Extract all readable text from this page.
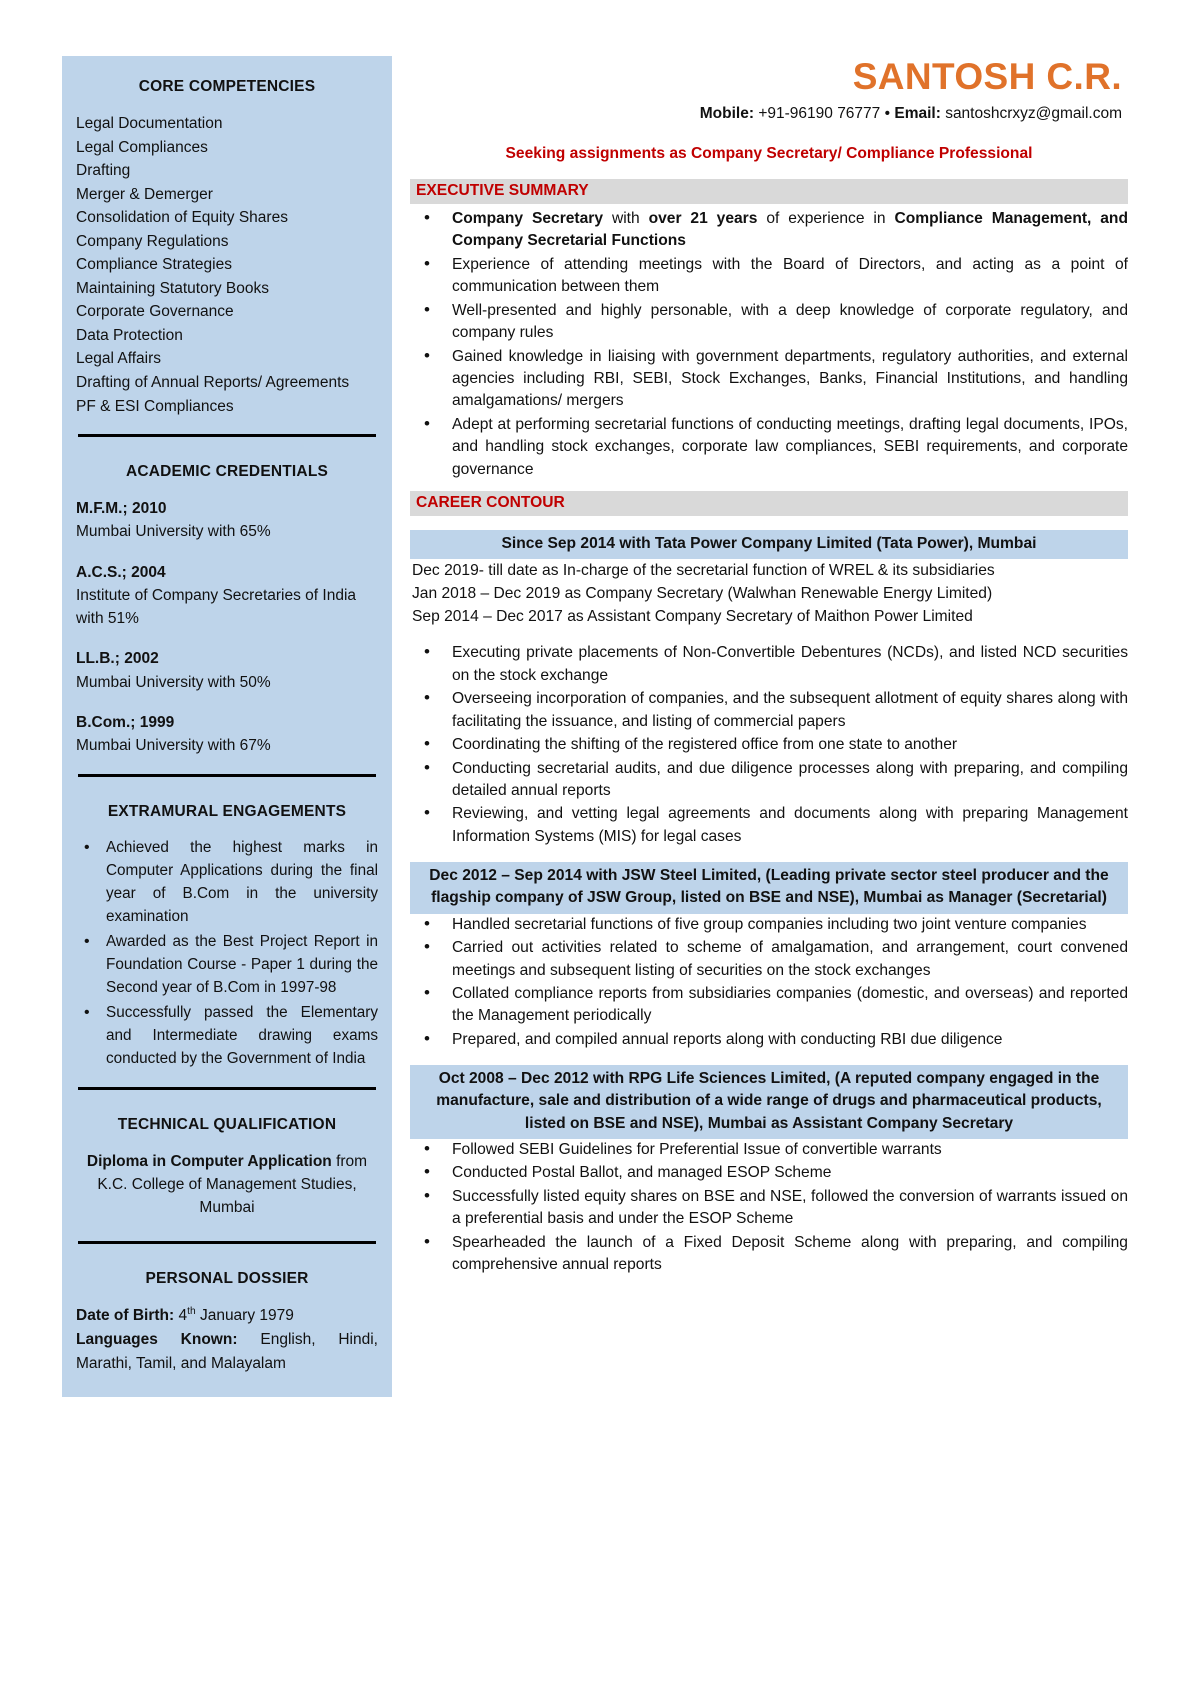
CORE COMPETENCIES
Legal Documentation
Legal Compliances
Drafting
Merger & Demerger
Consolidation of Equity Shares
Company Regulations
Compliance Strategies
Maintaining Statutory Books
Corporate Governance
Data Protection
Legal Affairs
Drafting of Annual Reports/ Agreements
PF & ESI Compliances
ACADEMIC CREDENTIALS
M.F.M.; 2010
Mumbai University with 65%
A.C.S.; 2004
Institute of Company Secretaries of India with 51%
LL.B.; 2002
Mumbai University with 50%
B.Com.; 1999
Mumbai University with 67%
EXTRAMURAL ENGAGEMENTS
• Achieved the highest marks in Computer Applications during the final year of B.Com in the university examination
• Awarded as the Best Project Report in Foundation Course - Paper 1 during the Second year of B.Com in 1997-98
• Successfully passed the Elementary and Intermediate drawing exams conducted by the Government of India
TECHNICAL QUALIFICATION
Diploma in Computer Application from K.C. College of Management Studies, Mumbai
PERSONAL DOSSIER
Date of Birth: 4th January 1979
Languages Known: English, Hindi, Marathi, Tamil, and Malayalam
SANTOSH C.R.
Mobile: +91-96190 76777 • Email: santoshcrxyz@gmail.com
Seeking assignments as Company Secretary/ Compliance Professional
EXECUTIVE SUMMARY
• Company Secretary with over 21 years of experience in Compliance Management, and Company Secretarial Functions
• Experience of attending meetings with the Board of Directors, and acting as a point of communication between them
• Well-presented and highly personable, with a deep knowledge of corporate regulatory, and company rules
• Gained knowledge in liaising with government departments, regulatory authorities, and external agencies including RBI, SEBI, Stock Exchanges, Banks, Financial Institutions, and handling amalgamations/ mergers
• Adept at performing secretarial functions of conducting meetings, drafting legal documents, IPOs, and handling stock exchanges, corporate law compliances, SEBI requirements, and corporate governance
CAREER CONTOUR
Since Sep 2014 with Tata Power Company Limited (Tata Power), Mumbai
Dec 2019- till date as In-charge of the secretarial function of WREL & its subsidiaries
Jan 2018 – Dec 2019 as Company Secretary (Walwhan Renewable Energy Limited)
Sep 2014 – Dec 2017 as Assistant Company Secretary of Maithon Power Limited
• Executing private placements of Non-Convertible Debentures (NCDs), and listed NCD securities on the stock exchange
• Overseeing incorporation of companies, and the subsequent allotment of equity shares along with facilitating the issuance, and listing of commercial papers
• Coordinating the shifting of the registered office from one state to another
• Conducting secretarial audits, and due diligence processes along with preparing, and compiling detailed annual reports
• Reviewing, and vetting legal agreements and documents along with preparing Management Information Systems (MIS) for legal cases
Dec 2012 – Sep 2014 with JSW Steel Limited, (Leading private sector steel producer and the flagship company of JSW Group, listed on BSE and NSE), Mumbai as Manager (Secretarial)
• Handled secretarial functions of five group companies including two joint venture companies
• Carried out activities related to scheme of amalgamation, and arrangement, court convened meetings and subsequent listing of securities on the stock exchanges
• Collated compliance reports from subsidiaries companies (domestic, and overseas) and reported the Management periodically
• Prepared, and compiled annual reports along with conducting RBI due diligence
Oct 2008 – Dec 2012 with RPG Life Sciences Limited, (A reputed company engaged in the manufacture, sale and distribution of a wide range of drugs and pharmaceutical products, listed on BSE and NSE), Mumbai as Assistant Company Secretary
• Followed SEBI Guidelines for Preferential Issue of convertible warrants
• Conducted Postal Ballot, and managed ESOP Scheme
• Successfully listed equity shares on BSE and NSE, followed the conversion of warrants issued on a preferential basis and under the ESOP Scheme
• Spearheaded the launch of a Fixed Deposit Scheme along with preparing, and compiling comprehensive annual reports
